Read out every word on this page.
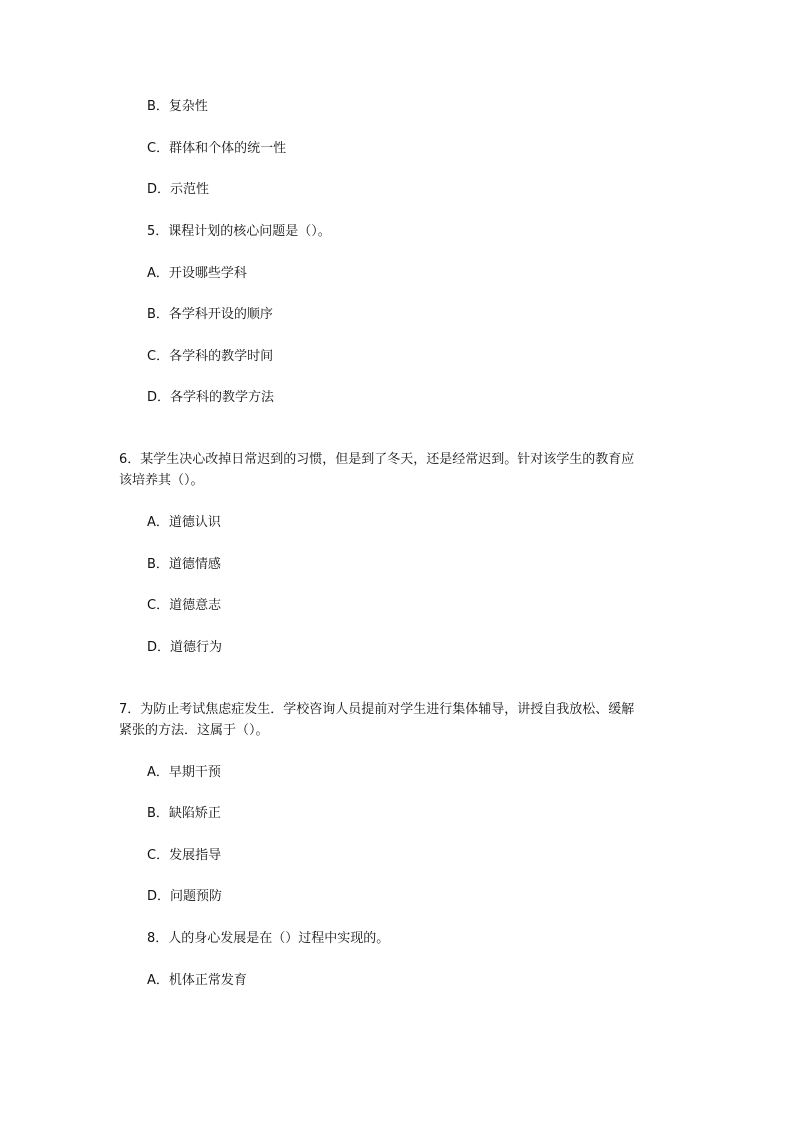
B．复杂性
C．群体和个体的统一性
D．示范性
5．课程计划的核心问题是（）。
A．开设哪些学科
B．各学科开设的顺序
C．各学科的教学时间
D．各学科的教学方法
6．某学生决心改掉日常迟到的习惯，但是到了冬天，还是经常迟到。针对该学生的教育应
该培养其（）。
A．道德认识
B．道德情感
C．道德意志
D．道德行为
7．为防止考试焦虑症发生．学校咨询人员提前对学生进行集体辅导，讲授自我放松、缓解
紧张的方法．这属于（）。
A．早期干预
B．缺陷矫正
C．发展指导
D．问题预防
8．人的身心发展是在（）过程中实现的。
A．机体正常发育
